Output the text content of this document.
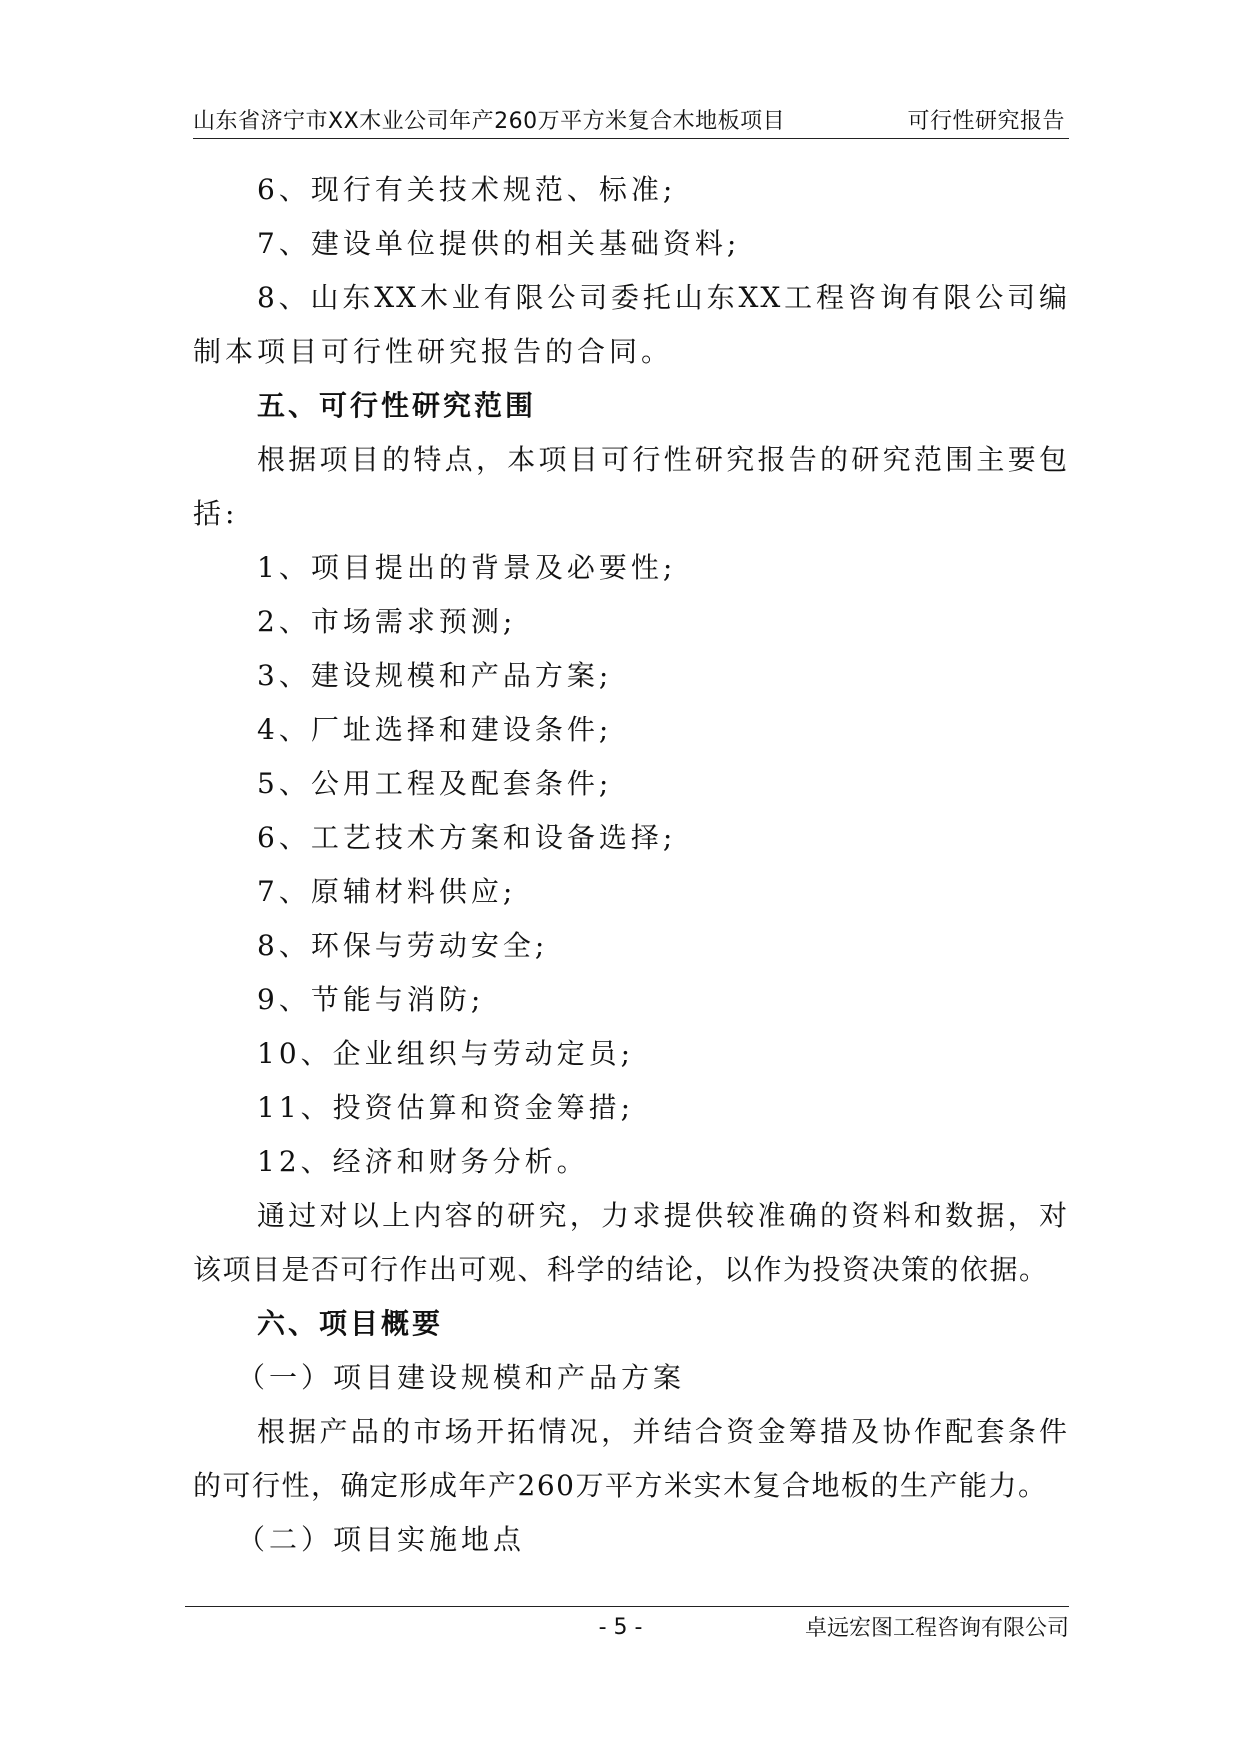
山东省济宁市XX木业公司年产260万平方米复合木地板项目	可行性研究报告
6、现行有关技术规范、标准;
7、建设单位提供的相关基础资料;
8、山东XX木业有限公司委托山东XX工程咨询有限公司编
制本项目可行性研究报告的合同。
五、可行性研究范围
根据项目的特点，本项目可行性研究报告的研究范围主要包
括:
1、项目提出的背景及必要性;
2、市场需求预测;
3、建设规模和产品方案;
4、厂址选择和建设条件;
5、公用工程及配套条件;
6、工艺技术方案和设备选择;
7、原辅材料供应;
8、环保与劳动安全;
9、节能与消防;
10、企业组织与劳动定员;
11、投资估算和资金筹措;
12、经济和财务分析。
通过对以上内容的研究，力求提供较准确的资料和数据，对
该项目是否可行作出可观、科学的结论，以作为投资决策的依据。
六、项目概要
（一）项目建设规模和产品方案
根据产品的市场开拓情况，并结合资金筹措及协作配套条件
的可行性，确定形成年产260万平方米实木复合地板的生产能力。
（二）项目实施地点
- 5 -	卓远宏图工程咨询有限公司
